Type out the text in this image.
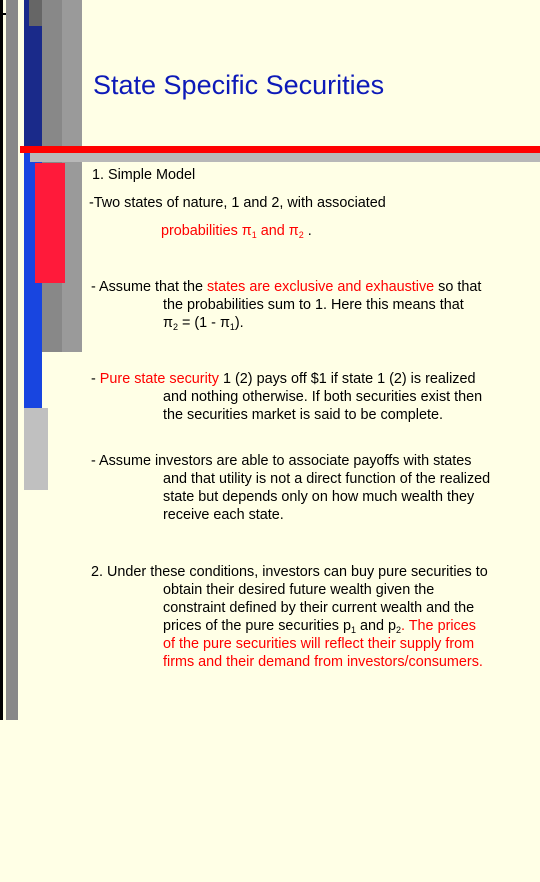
State Specific Securities
1. Simple Model
-Two states of nature, 1 and 2, with associated

probabilities $\pi_1$ and $\pi_2$ .
- Assume that the states are exclusive and exhaustive so that

the probabilities sum to 1. Here this means that
$\pi_2 = (1 - \pi_1)$.
- Pure state security 1 (2) pays off $1 if state 1 (2) is realized

and nothing otherwise. If both securities exist then
the securities market is said to be complete.
- Assume investors are able to associate payoffs with states

and that utility is not a direct function of the realized
state but depends only on how much wealth they
receive each state.
2. Under these conditions, investors can buy pure securities to

obtain their desired future wealth given the
constraint defined by their current wealth and the
prices of the pure securities $p_1$ and $p_2$. The prices
of the pure securities will reflect their supply from
firms and their demand from investors/consumers.
